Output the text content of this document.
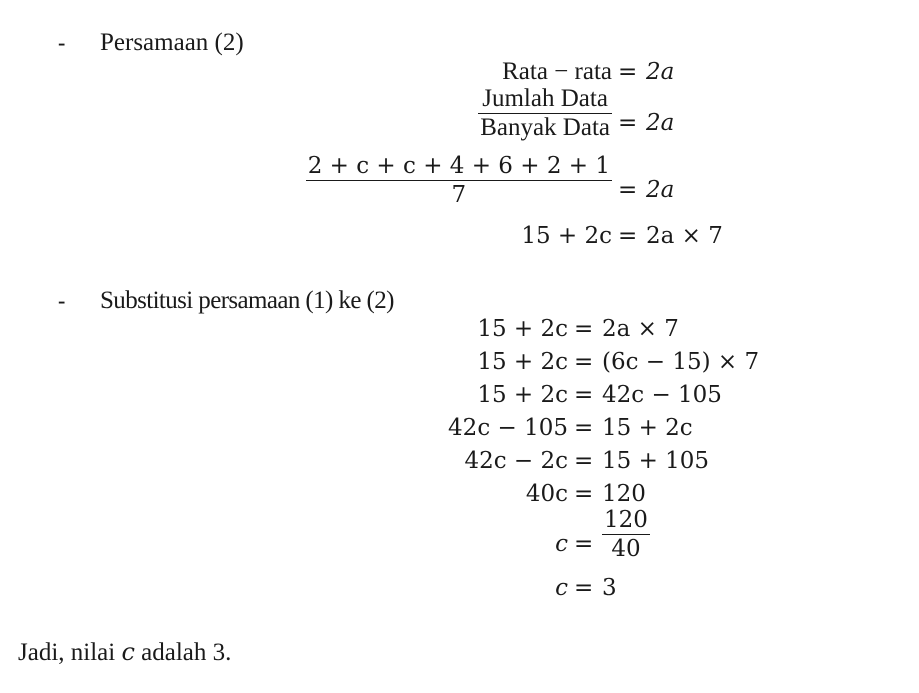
- Persamaan (2)
Rata − rata = 2a
$\frac{\text{Jumlah Data}}{\text{Banyak Data}} = 2a$
$\frac{2 + c + c + 4 + 6 + 2 + 1}{7} = 2a$
15 + 2c = 2a × 7
- Substitusi persamaan (1) ke (2)
15 + 2c = 2a × 7
15 + 2c = (6c − 15) × 7
15 + 2c = 42c − 105
42c − 105 = 15 + 2c
42c − 2c = 15 + 105
40c = 120
$c = \frac{120}{40}$
c = 3
Jadi, nilai c adalah 3.
